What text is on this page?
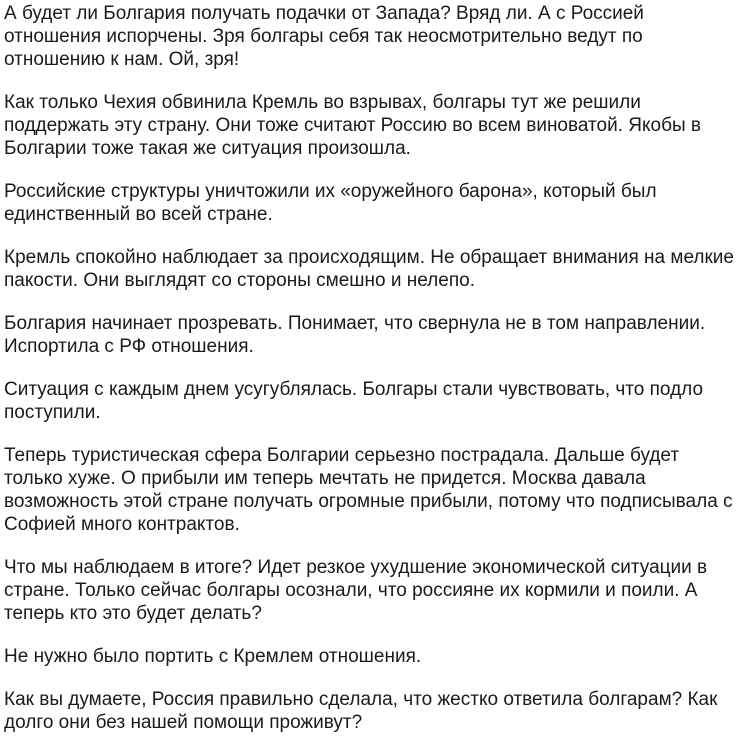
А будет ли Болгария получать подачки от Запада? Вряд ли. А с Россией отношения испорчены. Зря болгары себя так неосмотрительно ведут по отношению к нам. Ой, зря!

Как только Чехия обвинила Кремль во взрывах, болгары тут же решили поддержать эту страну. Они тоже считают Россию во всем виноватой. Якобы в Болгарии тоже такая же ситуация произошла.

Российские структуры уничтожили их «оружейного барона», который был единственный во всей стране.

Кремль спокойно наблюдает за происходящим. Не обращает внимания на мелкие пакости. Они выглядят со стороны смешно и нелепо.

Болгария начинает прозревать. Понимает, что свернула не в том направлении. Испортила с РФ отношения.

Ситуация с каждым днем усугублялась. Болгары стали чувствовать, что подло поступили.

Теперь туристическая сфера Болгарии серьезно пострадала. Дальше будет только хуже. О прибыли им теперь мечтать не придется. Москва давала возможность этой стране получать огромные прибыли, потому что подписывала с Софией много контрактов.

Что мы наблюдаем в итоге? Идет резкое ухудшение экономической ситуации в стране. Только сейчас болгары осознали, что россияне их кормили и поили. А теперь кто это будет делать?

Не нужно было портить с Кремлем отношения.

Как вы думаете, Россия правильно сделала, что жестко ответила болгарам? Как долго они без нашей помощи проживут?
